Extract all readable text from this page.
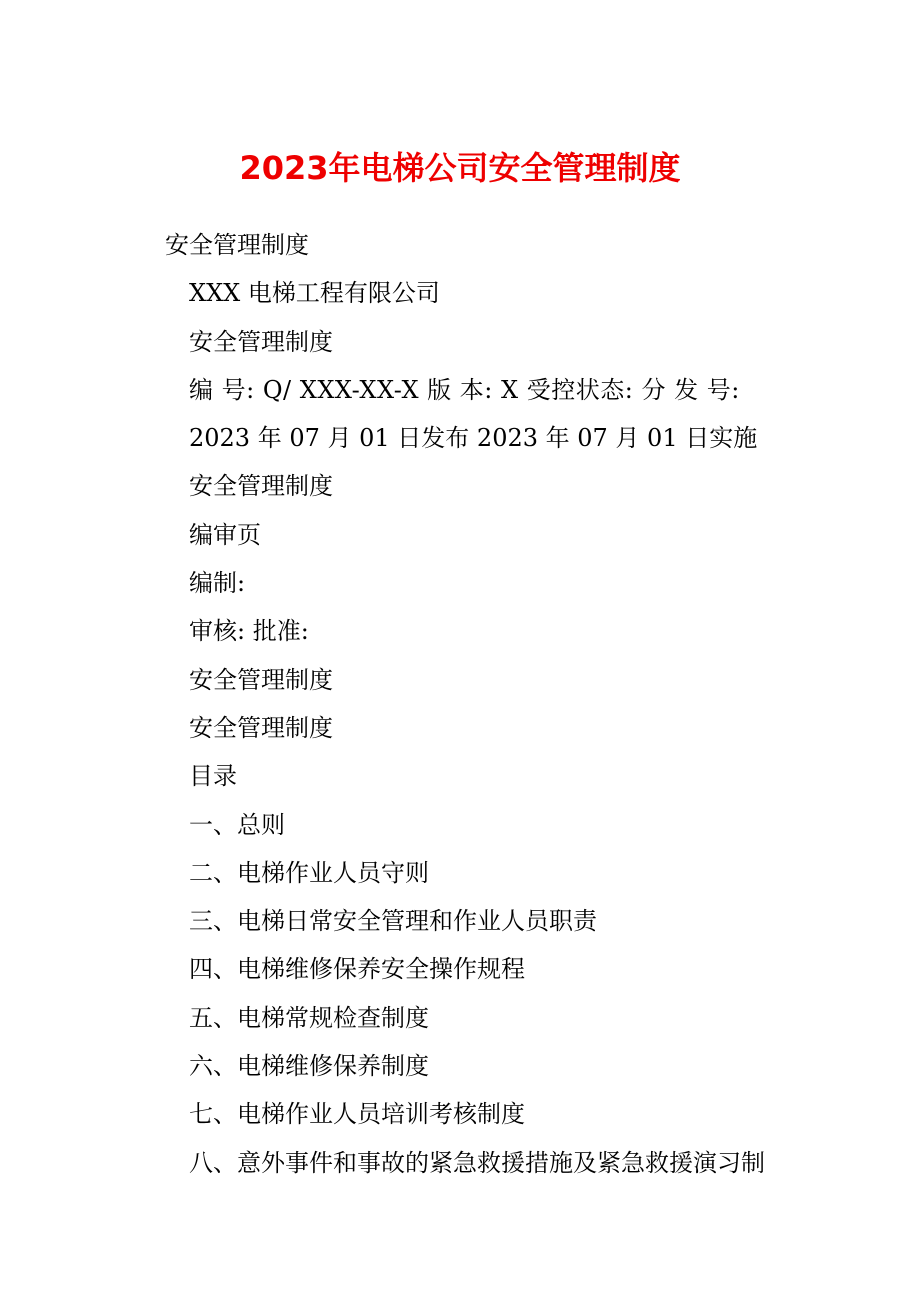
2023年电梯公司安全管理制度
安全管理制度
XXX 电梯工程有限公司
安全管理制度
编 号: Q/ XXX-XX-X 版 本: X 受控状态: 分 发 号:
2023 年 07 月 01 日发布 2023 年 07 月 01 日实施
安全管理制度
编审页
编制:
审核: 批准:
安全管理制度
安全管理制度
目录
一、总则
二、电梯作业人员守则
三、电梯日常安全管理和作业人员职责
四、电梯维修保养安全操作规程
五、电梯常规检查制度
六、电梯维修保养制度
七、电梯作业人员培训考核制度
八、意外事件和事故的紧急救援措施及紧急救援演习制
